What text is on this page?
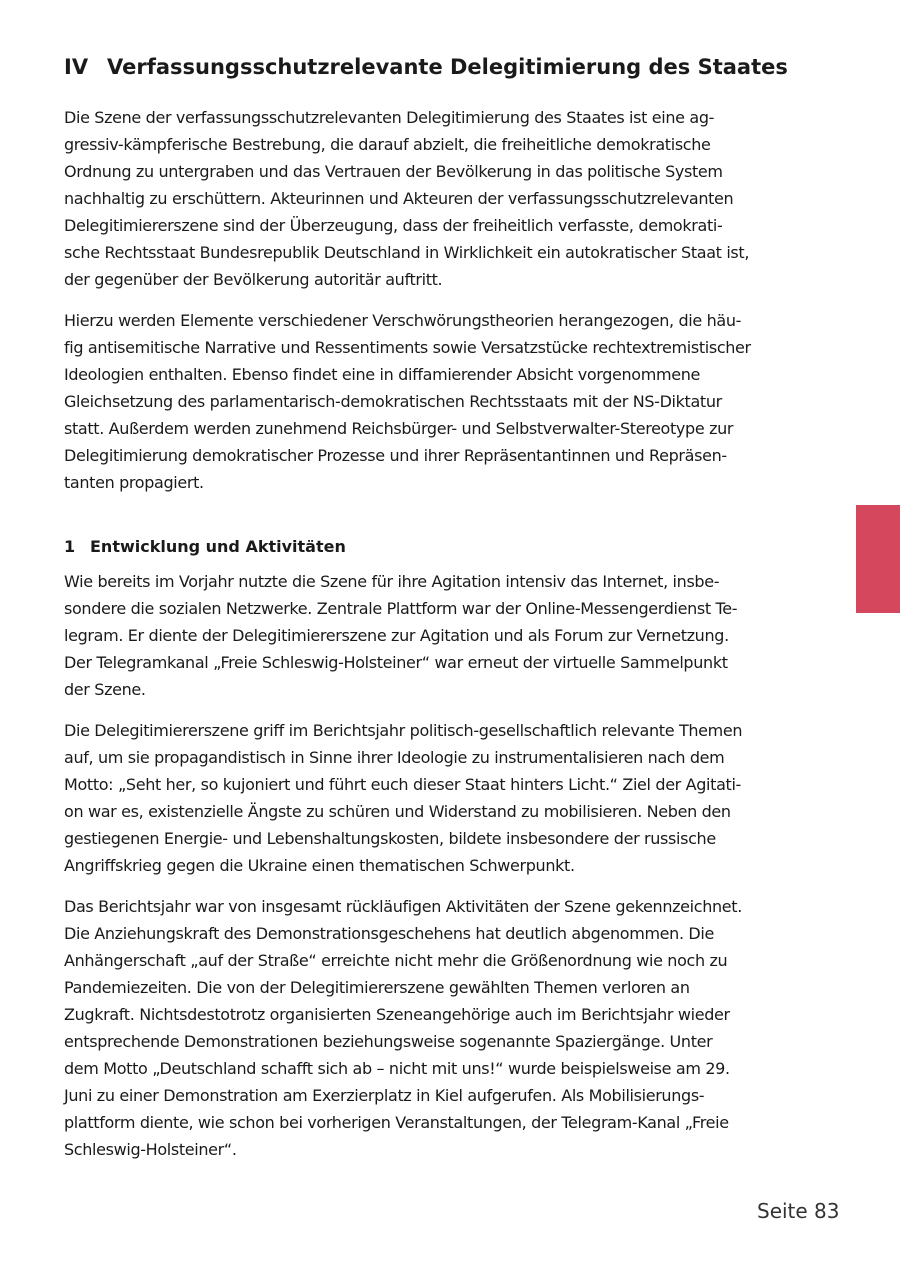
IV Verfassungsschutzrelevante Delegitimierung des Staates

Die Szene der verfassungsschutzrelevanten Delegitimierung des Staates ist eine ag-
gressiv-kämpferische Bestrebung, die darauf abzielt, die freiheitliche demokratische
Ordnung zu untergraben und das Vertrauen der Bevölkerung in das politische System
nachhaltig zu erschüttern. Akteurinnen und Akteuren der verfassungsschutzrelevanten
Delegitimiererszene sind der Überzeugung, dass der freiheitlich verfasste, demokrati-
sche Rechtsstaat Bundesrepublik Deutschland in Wirklichkeit ein autokratischer Staat ist,
der gegenüber der Bevölkerung autoritär auftritt.

Hierzu werden Elemente verschiedener Verschwörungstheorien herangezogen, die häu-
fig antisemitische Narrative und Ressentiments sowie Versatzstücke rechtextremistischer
Ideologien enthalten. Ebenso findet eine in diffamierender Absicht vorgenommene
Gleichsetzung des parlamentarisch-demokratischen Rechtsstaats mit der NS-Diktatur
statt. Außerdem werden zunehmend Reichsbürger- und Selbstverwalter-Stereotype zur
Delegitimierung demokratischer Prozesse und ihrer Repräsentantinnen und Repräsen-
tanten propagiert.

1 Entwicklung und Aktivitäten

Wie bereits im Vorjahr nutzte die Szene für ihre Agitation intensiv das Internet, insbe-
sondere die sozialen Netzwerke. Zentrale Plattform war der Online-Messengerdienst Te-
legram. Er diente der Delegitimiererszene zur Agitation und als Forum zur Vernetzung.
Der Telegramkanal „Freie Schleswig-Holsteiner“ war erneut der virtuelle Sammelpunkt
der Szene.

Die Delegitimiererszene griff im Berichtsjahr politisch-gesellschaftlich relevante Themen
auf, um sie propagandistisch in Sinne ihrer Ideologie zu instrumentalisieren nach dem
Motto: „Seht her, so kujoniert und führt euch dieser Staat hinters Licht.“ Ziel der Agitati-
on war es, existenzielle Ängste zu schüren und Widerstand zu mobilisieren. Neben den
gestiegenen Energie- und Lebenshaltungskosten, bildete insbesondere der russische
Angriffskrieg gegen die Ukraine einen thematischen Schwerpunkt.

Das Berichtsjahr war von insgesamt rückläufigen Aktivitäten der Szene gekennzeichnet.
Die Anziehungskraft des Demonstrationsgeschehens hat deutlich abgenommen. Die
Anhängerschaft „auf der Straße“ erreichte nicht mehr die Größenordnung wie noch zu
Pandemiezeiten. Die von der Delegitimiererszene gewählten Themen verloren an
Zugkraft. Nichtsdestotrotz organisierten Szeneangehörige auch im Berichtsjahr wieder
entsprechende Demonstrationen beziehungsweise sogenannte Spaziergänge. Unter
dem Motto „Deutschland schafft sich ab – nicht mit uns!“ wurde beispielsweise am 29.
Juni zu einer Demonstration am Exerzierplatz in Kiel aufgerufen. Als Mobilisierungs-
plattform diente, wie schon bei vorherigen Veranstaltungen, der Telegram-Kanal „Freie
Schleswig-Holsteiner“.

Seite 83
